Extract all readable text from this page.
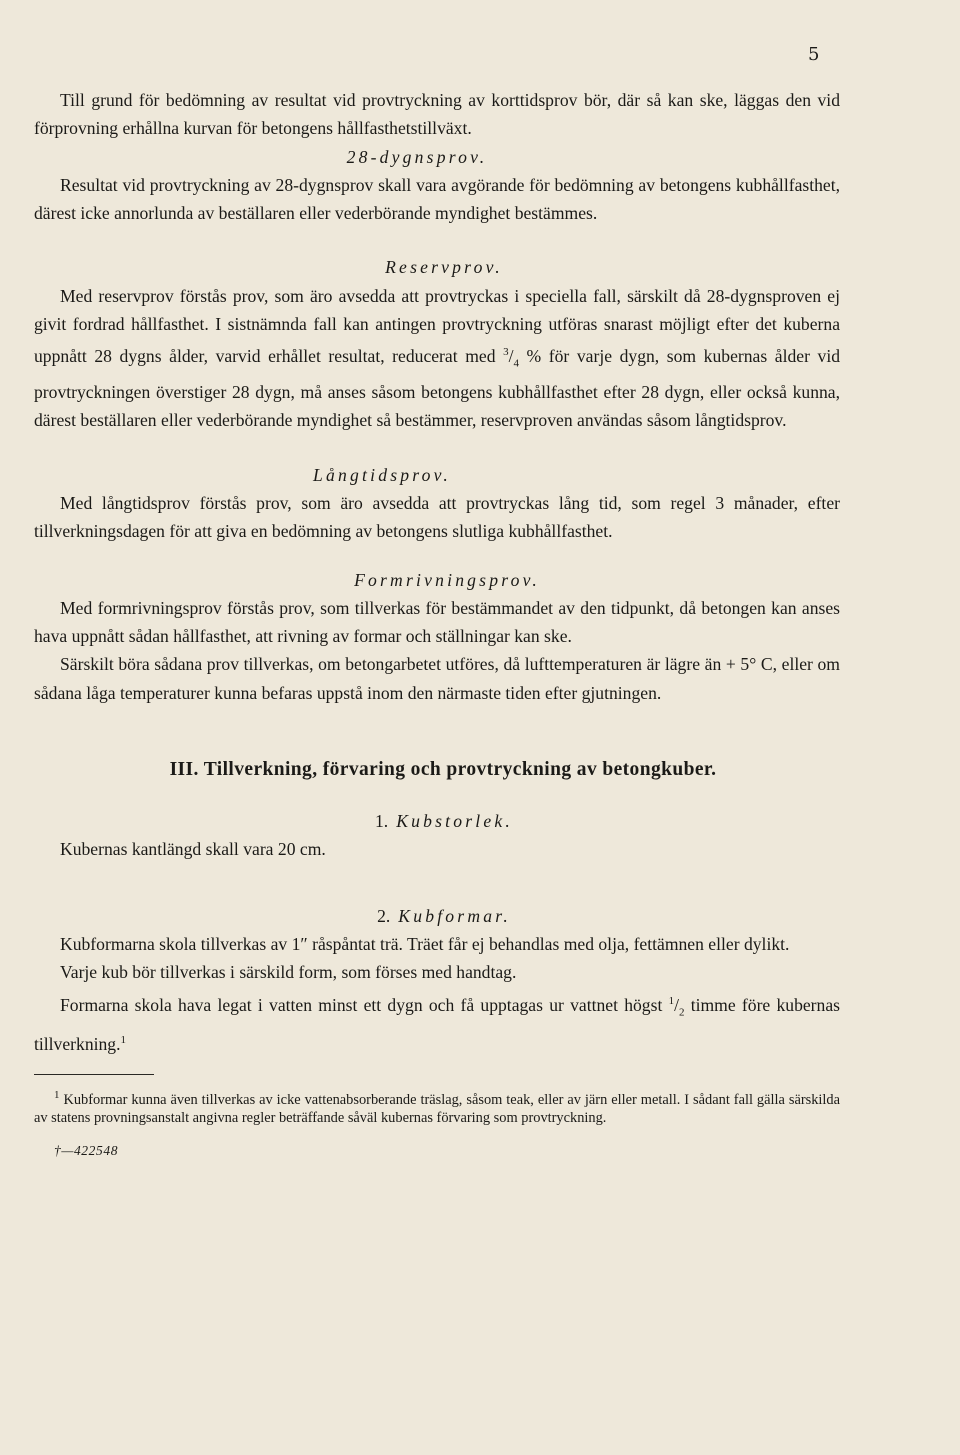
5

Till grund för bedömning av resultat vid provtryckning av korttidsprov bör, där så kan ske, läggas den vid förprovning erhållna kurvan för betongens hållfasthetstillväxt.

28-dygnsprov.

Resultat vid provtryckning av 28-dygnsprov skall vara avgörande för bedömning av betongens kubhållfasthet, därest icke annorlunda av beställaren eller vederbörande myndighet bestämmes.

Reservprov.

Med reservprov förstås prov, som äro avsedda att provtryckas i speciella fall, särskilt då 28-dygnsproven ej givit fordrad hållfasthet. I sistnämnda fall kan antingen provtryckning utföras snarast möjligt efter det kuberna uppnått 28 dygns ålder, varvid erhållet resultat, reducerat med $^3/_4$ % för varje dygn, som kubernas ålder vid provtryckningen överstiger 28 dygn, må anses såsom betongens kubhållfasthet efter 28 dygn, eller också kunna, därest beställaren eller vederbörande myndighet så bestämmer, reservproven användas såsom långtidsprov.

Långtidsprov.

Med långtidsprov förstås prov, som äro avsedda att provtryckas lång tid, som regel 3 månader, efter tillverkningsdagen för att giva en bedömning av betongens slutliga kubhållfasthet.

Formrivningsprov.

Med formrivningsprov förstås prov, som tillverkas för bestämmandet av den tidpunkt, då betongen kan anses hava uppnått sådan hållfasthet, att rivning av formar och ställningar kan ske.

Särskilt böra sådana prov tillverkas, om betongarbetet utföres, då lufttemperaturen är lägre än + 5° C, eller om sådana låga temperaturer kunna befaras uppstå inom den närmaste tiden efter gjutningen.

III. Tillverkning, förvaring och provtryckning av betongkuber.
1. Kubstorlek.

Kubernas kantlängd skall vara 20 cm.

2. Kubformar.

Kubformarna skola tillverkas av 1″ råspåntat trä. Träet får ej behandlas med olja, fettämnen eller dylikt.

Varje kub bör tillverkas i särskild form, som förses med handtag.

Formarna skola hava legat i vatten minst ett dygn och få upptagas ur vattnet högst $^1/_2$ timme före kubernas tillverkning.$^1$

$^1$ Kubformar kunna även tillverkas av icke vattenabsorberande träslag, såsom teak, eller av järn eller metall. I sådant fall gälla särskilda av statens provningsanstalt angivna regler beträffande såväl kubernas förvaring som provtryckning.
†—422548
